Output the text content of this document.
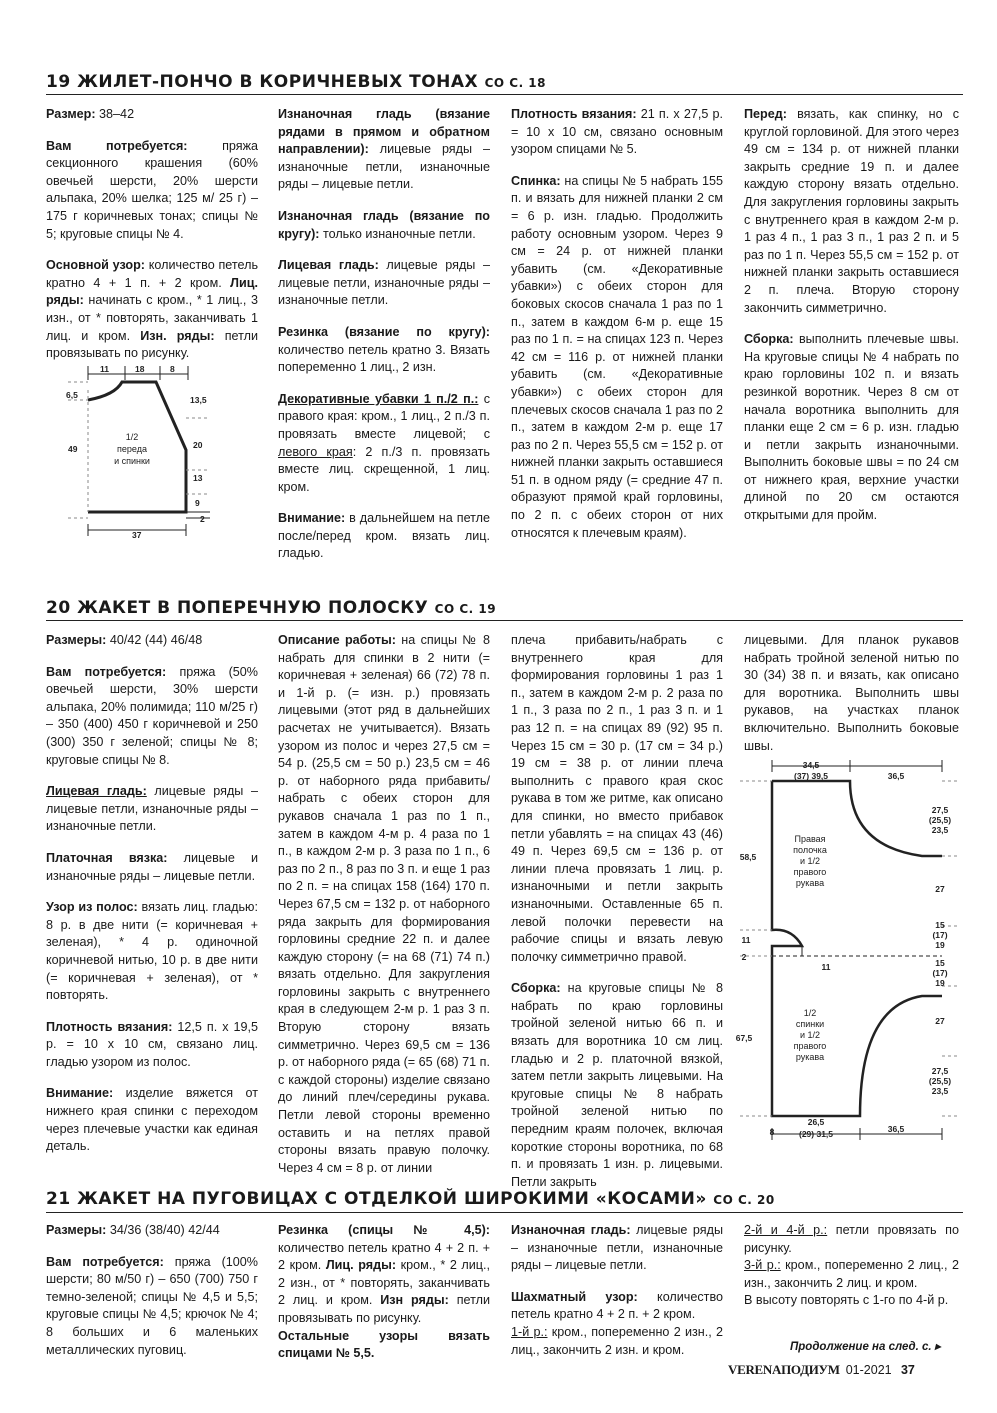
19 ЖИЛЕТ-ПОНЧО В КОРИЧНЕВЫХ ТОНАХ СО С. 18

Размер: 38–42

Вам потребуется:	пряжа секционного крашения (60% овечьей шерсти, 20% шерсти альпака, 20% шелка; 125 м/ 25 г) – 175 г коричневых тонах; спицы № 5; круговые спицы № 4.

Основной узор: количество петель кратно 4 + 1 п. + 2 кром. Лиц. ряды: начинать с кром., * 1 лиц., 3 изн., от * повторять, заканчивать 1 лиц. и кром. Изн. ряды: петли провязывать по рисунку.

11	18	8
6,5
49
13,5
20
13
9
2
37
1/2
переда
и спинки

Изнаночная гладь (вязание рядами в прямом и обратном направлении): лицевые ряды – изнаночные петли, изнаночные ряды – лицевые петли.

Изнаночная гладь (вязание по кругу): только изнаночные петли.

Лицевая гладь: лицевые ряды – лицевые петли, изнаночные ряды – изнаночные петли.

Резинка (вязание по кругу): количество петель кратно 3. Вязать попеременно 1 лиц., 2 изн.

Декоративные убавки 1 п./2 п.: с правого края: кром., 1 лиц., 2 п./3 п. провязать вместе лицевой; с левого края: 2 п./3 п. провязать вместе лиц. скрещенной, 1 лиц. кром.

Внимание: в дальнейшем на петле после/перед кром. вязать лиц. гладью.

Плотность вязания: 21 п. x 27,5 р. = 10 x 10 см, связано основным узором спицами № 5.

Спинка: на спицы № 5 набрать 155 п. и вязать для нижней планки 2 см = 6 р. изн. гладью. Продолжить работу основным узором. Через 9 см = 24 р. от нижней планки убавить (см. «Декоративные убавки») с обеих сторон для боковых скосов сначала 1 раз по 1 п., затем в каждом 6-м р. еще 15 раз по 1 п. = на спицах 123 п. Через 42 см = 116 р. от нижней планки убавить (см. «Декоративные убавки») с обеих сторон для плечевых скосов сначала 1 раз по 2 п., затем в каждом 2-м р. еще 17 раз по 2 п. Через 55,5 см = 152 р. от нижней планки закрыть оставшиеся 51 п. в одном ряду (= средние 47 п. образуют прямой край горловины, по 2 п. с обеих сторон от них относятся к плечевым краям).

Перед: вязать, как спинку, но с круглой горловиной. Для этого через 49 см = 134 р. от нижней планки закрыть средние 19 п. и далее каждую сторону вязать отдельно. Для закругления горловины закрыть с внутреннего края в каждом 2-м р. 1 раз 4 п., 1 раз 3 п., 1 раз 2 п. и 5 раз по 1 п. Через 55,5 см = 152 р. от нижней планки закрыть оставшиеся 2 п. плеча. Вторую сторону закончить симметрично.

Сборка: выполнить плечевые швы. На круговые спицы № 4 набрать по краю горловины 102 п. и вязать резинкой воротник. Через 8 см от начала воротника выполнить для планки еще 2 см = 6 р. изн. гладью и петли закрыть изнаночными. Выполнить боковые швы = по 24 см от нижнего края, верхние участки длиной по 20 см остаются открытыми для пройм.

20 ЖАКЕТ В ПОПЕРЕЧНУЮ ПОЛОСКУ СО С. 19

Размеры: 40/42 (44) 46/48

Вам потребуется: пряжа (50% овечьей шерсти, 30% шерсти альпака, 20% полимида; 110 м/25 г) – 350 (400) 450 г коричневой и 250 (300) 350 г зеленой; спицы № 8; круговые спицы № 8.

Лицевая гладь: лицевые ряды – лицевые петли, изнаночные ряды – изнаночные петли.

Платочная вязка: лицевые и изнаночные ряды – лицевые петли.

Узор из полос: вязать лиц. гладью: 8 р. в две нити (= коричневая + зеленая), * 4 р. одиночной коричневой нитью, 10 р. в две нити (= коричневая + зеленая), от * повторять.

Плотность вязания: 12,5 п. x 19,5 р. = 10 x 10 см, связано лиц. гладью узором из полос.

Внимание: изделие вяжется от нижнего края спинки с переходом через плечевые участки как единая деталь.

Описание работы: на спицы № 8 набрать для спинки в 2 нити (= коричневая + зеленая) 66 (72) 78 п. и 1-й р. (= изн. р.) провязать лицевыми (этот ряд в дальнейших расчетах не учитывается). Вязать узором из полос и через 27,5 см = 54 р. (25,5 см = 50 р.) 23,5 см = 46 р. от наборного ряда прибавить/набрать с обеих сторон для рукавов сначала 1 раз по 1 п., затем в каждом 4-м р. 4 раза по 1 п., в каждом 2-м р. 3 раза по 1 п., 6 раз по 2 п., 8 раз по 3 п. и еще 1 раз по 2 п. = на спицах 158 (164) 170 п. Через 67,5 см = 132 р. от наборного ряда закрыть для формирования горловины средние 22 п. и далее каждую сторону (= на 68 (71) 74 п.) вязать отдельно. Для закругления горловины закрыть с внутреннего края в следующем 2-м р. 1 раз 3 п. Вторую сторону вязать симметрично. Через 69,5 см = 136 р. от наборного ряда (= 65 (68) 71 п. с каждой стороны) изделие связано до линий плеч/середины рукава. Петли левой стороны временно оставить и на петлях правой стороны вязать правую полочку. Через 4 см = 8 р. от линии

плеча прибавить/набрать с внутреннего края для формирования горловины 1 раз 1 п., затем в каждом 2-м р. 2 раза по 1 п., 3 раза по 2 п., 1 раз 3 п. и 1 раз 12 п. = на спицах 89 (92) 95 п. Через 15 см = 30 р. (17 см = 34 р.) 19 см = 38 р. от линии плеча выполнить с правого края скос рукава в том же ритме, как описано для спинки, но вместо прибавок петли убавлять = на спицах 43 (46) 49 п. Через 69,5 см = 136 р. от линии плеча провязать 1 лиц. р. изнаночными и петли закрыть изнаночными. Оставленные 65 п. левой полочки перевести на рабочие спицы и вязать левую полочку симметрично правой.

Сборка: на круговые спицы № 8 набрать по краю горловины тройной зеленой нитью 66 п. и вязать для воротника 10 см лиц. гладью и 2 р. платочной вязкой, затем петли закрыть лицевыми. На круговые спицы № 8 набрать тройной зеленой нитью по передним краям полочек, включая короткие стороны воротника, по 68 п. и провязать 1 изн. р. лицевыми. Петли закрыть

лицевыми. Для планок рукавов набрать тройной зеленой нитью по 30 (34) 38 п. и вязать, как описано для воротника. Выполнить швы рукавов, на участках планок включительно. Выполнить боковые швы.

34,5
(37) 39,5	36,5
58,5
11
2
67,5
27,5
(25,5)
23,5
27
15
(17)
19
15
(17)
19
27
27,5
(25,5)
23,5
11
8
26,5
(29) 31,5	36,5
Правая
полочка
и 1/2
правого
рукава
1/2
спинки
и 1/2
правого
рукава
21 ЖАКЕТ НА ПУГОВИЦАХ С ОТДЕЛКОЙ ШИРОКИМИ «КОСАМИ» СО С. 20

Размеры: 34/36 (38/40) 42/44

Вам потребуется: пряжа (100% шерсти; 80 м/50 г) – 650 (700) 750 г темно-зеленой; спицы № 4,5 и 5,5; круговые спицы № 4,5; крючок № 4; 8 больших и 6 маленьких металлических пуговиц.

Резинка (спицы № 4,5): количество петель кратно 4 + 2 п. + 2 кром. Лиц. ряды: кром., * 2 лиц., 2 изн., от * повторять, заканчивать 2 лиц. и кром. Изн ряды: петли провязывать по рисунку.

Остальные узоры вязать спицами № 5,5.

Изнаночная гладь: лицевые ряды – изнаночные петли, изнаночные ряды – лицевые петли.

Шахматный узор: количество петель кратно 4 + 2 п. + 2 кром.
1-й р.: кром., попеременно 2 изн., 2 лиц., закончить 2 изн. и кром.

2-й и 4-й р.: петли провязать по рисунку.
3-й р.: кром., попеременно 2 лиц., 2 изн., закончить 2 лиц. и кром.
В высоту повторять с 1-го по 4-й р.

Продолжение на след. с. ▸
VERENAПОДИУМ 01-2021 37
